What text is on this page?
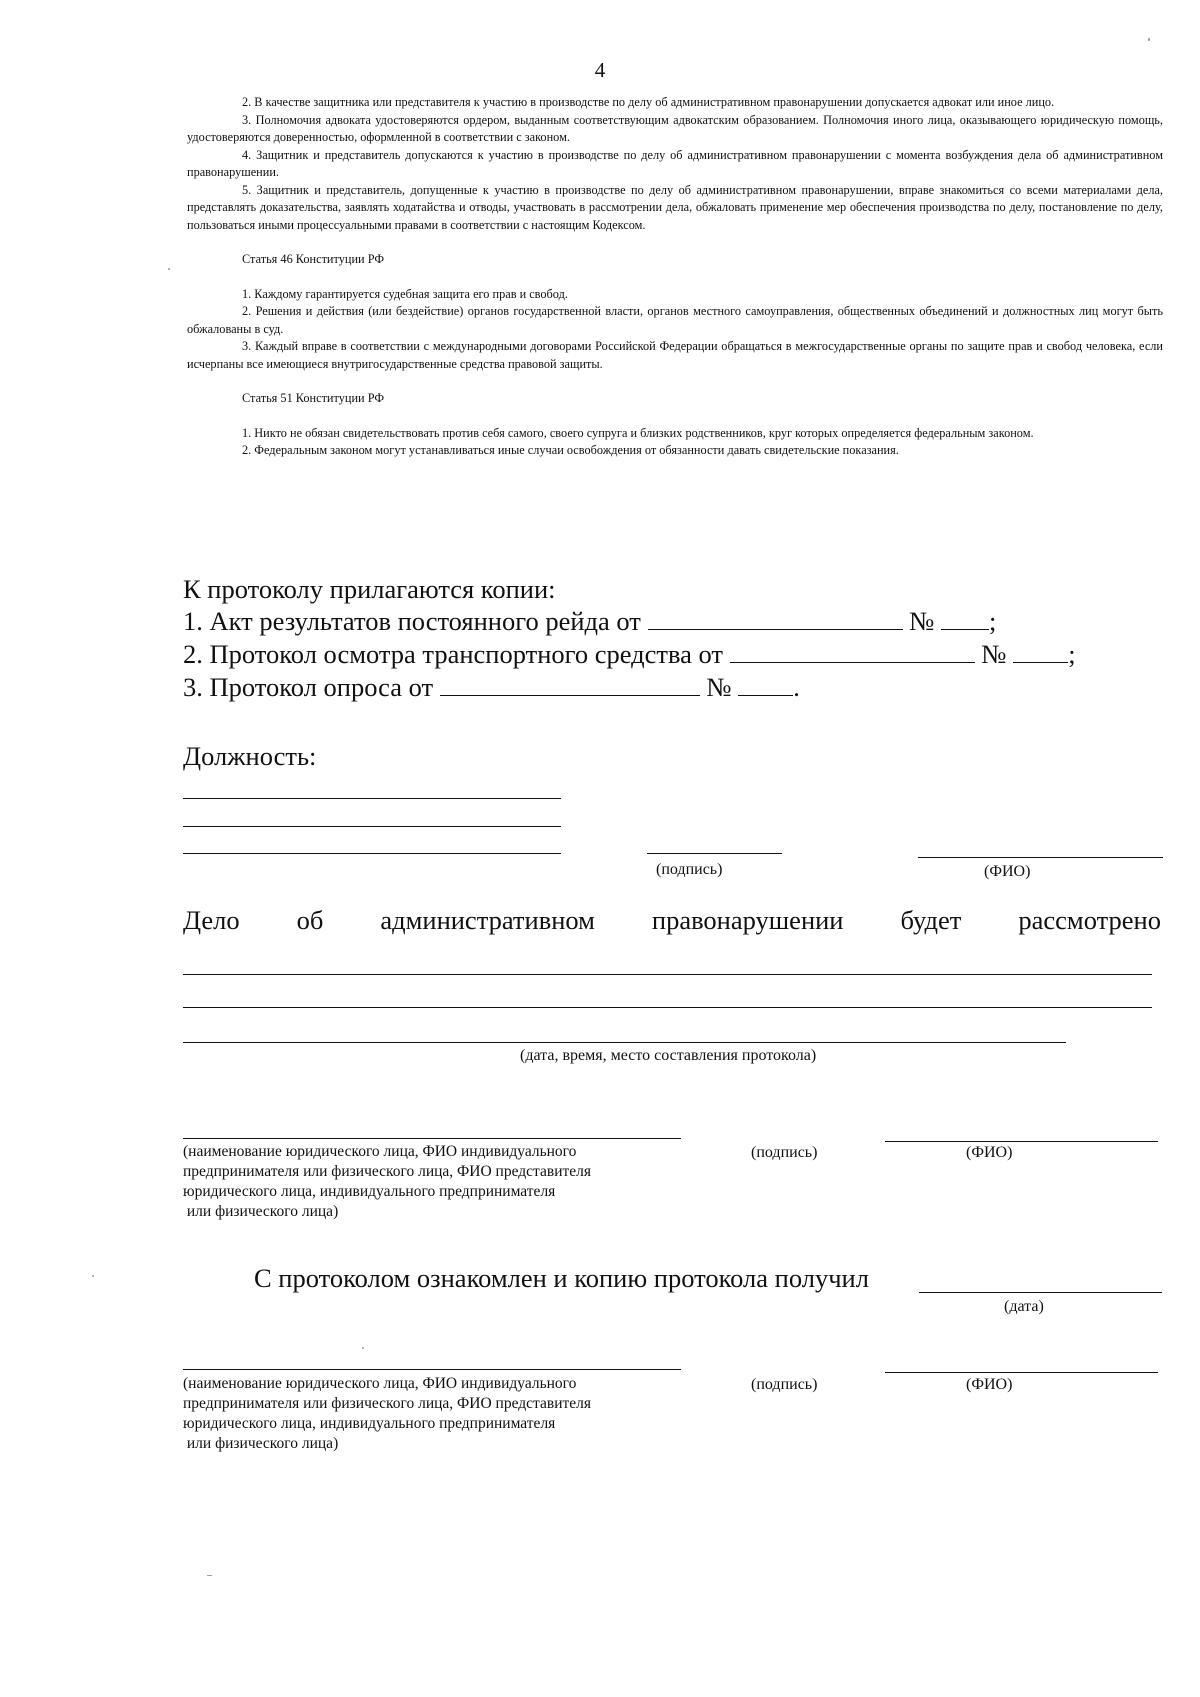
4

2. В качестве защитника или представителя к участию в производстве по делу об административном правонарушении допускается адвокат или иное лицо.

3. Полномочия адвоката удостоверяются ордером, выданным соответствующим адвокатским образованием. Полномочия иного лица, оказывающего юридическую помощь, удостоверяются доверенностью, оформленной в соответствии с законом.

4. Защитник и представитель допускаются к участию в производстве по делу об административном правонарушении с момента возбуждения дела об административном правонарушении.

5. Защитник и представитель, допущенные к участию в производстве по делу об административном правонарушении, вправе знакомиться со всеми материалами дела, представлять доказательства, заявлять ходатайства и отводы, участвовать в рассмотрении дела, обжаловать применение мер обеспечения производства по делу, постановление по делу, пользоваться иными процессуальными правами в соответствии с настоящим Кодексом.

Статья 46 Конституции РФ

1. Каждому гарантируется судебная защита его прав и свобод.

2. Решения и действия (или бездействие) органов государственной власти, органов местного самоуправления, общественных объединений и должностных лиц могут быть обжалованы в суд.

3. Каждый вправе в соответствии с международными договорами Российской Федерации обращаться в межгосударственные органы по защите прав и свобод человека, если исчерпаны все имеющиеся внутригосударственные средства правовой защиты.

Статья 51 Конституции РФ

1. Никто не обязан свидетельствовать против себя самого, своего супруга и близких родственников, круг которых определяется федеральным законом.

2. Федеральным законом могут устанавливаться иные случаи освобождения от обязанности давать свидетельские показания.

К протоколу прилагаются копии:
1. Акт результатов постоянного рейда от	№ ;
2. Протокол осмотра транспортного средства от	№ ;
3. Протокол опроса от	№ .
Должность:
(подпись)	(ФИО)
Дело об административном правонарушении будет рассмотрено
(дата, время, место составления протокола)
(наименование юридического лица, ФИО индивидуального
предпринимателя или физического лица, ФИО представителя
юридического лица, индивидуального предпринимателя
или физического лица)
(подпись)	(ФИО)
С протоколом ознакомлен и копию протокола получил
(дата)
(наименование юридического лица, ФИО индивидуального
предпринимателя или физического лица, ФИО представителя
юридического лица, индивидуального предпринимателя
или физического лица)
(подпись)	(ФИО)
